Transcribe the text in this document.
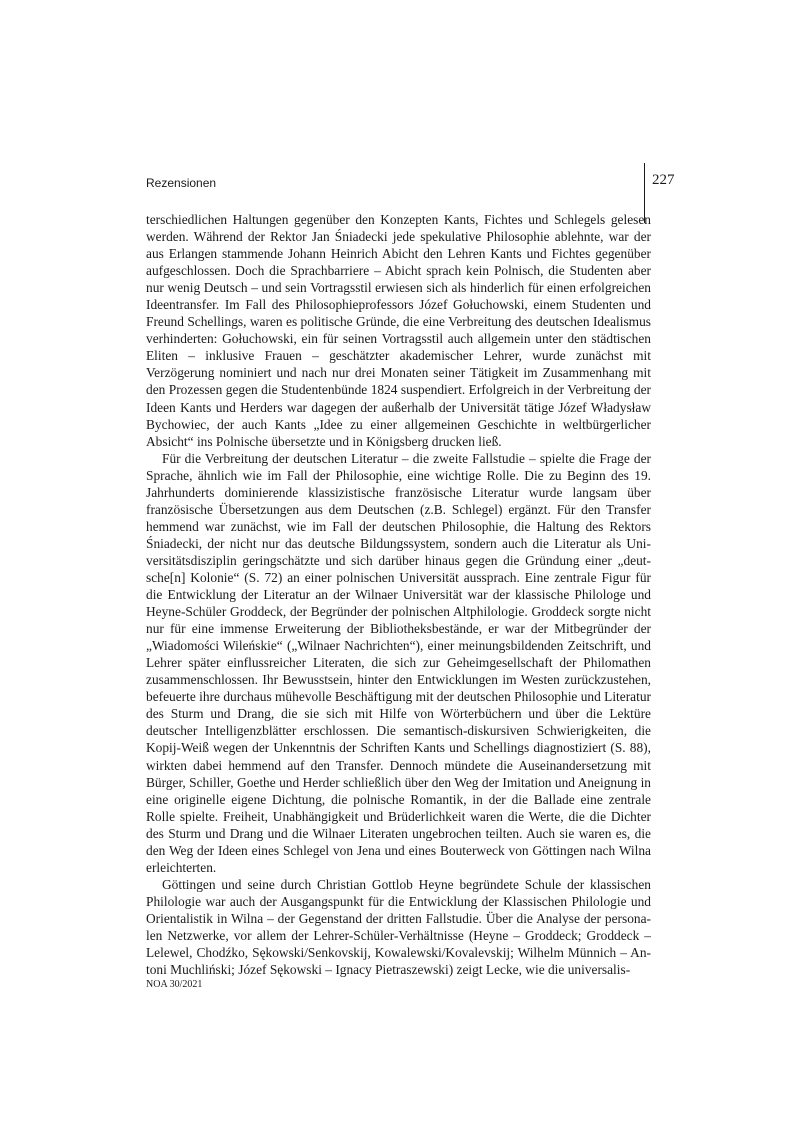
Rezensionen	227

terschiedlichen Haltungen gegenüber den Konzepten Kants, Fichtes und Schlegels gelesen werden. Während der Rektor Jan Śniadecki jede spekulative Philosophie ablehnte, war der aus Erlangen stammende Johann Heinrich Abicht den Lehren Kants und Fichtes gegenüber aufgeschlossen. Doch die Sprachbarriere – Abicht sprach kein Polnisch, die Studenten aber nur wenig Deutsch – und sein Vortragsstil erwiesen sich als hinderlich für einen erfolgreichen Ideentransfer. Im Fall des Philosophieprofessors Józef Gołuchowski, einem Studenten und Freund Schellings, waren es politische Gründe, die eine Verbreitung des deutschen Idealismus verhinderten: Gołuchowski, ein für seinen Vortragsstil auch allgemein unter den städtischen Eliten – inklusive Frauen – geschätzter akademischer Lehrer, wurde zunächst mit Verzögerung nominiert und nach nur drei Monaten seiner Tätigkeit im Zusammenhang mit den Prozessen gegen die Studentenbünde 1824 suspendiert. Erfolgreich in der Verbreitung der Ideen Kants und Herders war dagegen der außerhalb der Universität tätige Józef Władysław Bychowiec, der auch Kants „Idee zu einer allgemeinen Geschichte in weltbürgerlicher Absicht“ ins Polnische übersetzte und in Königsberg drucken ließ.

Für die Verbreitung der deutschen Literatur – die zweite Fallstudie – spielte die Frage der Sprache, ähnlich wie im Fall der Philosophie, eine wichtige Rolle. Die zu Beginn des 19. Jahrhunderts dominierende klassizistische französische Literatur wurde langsam über französische Übersetzungen aus dem Deutschen (z.B. Schlegel) ergänzt. Für den Transfer hemmend war zunächst, wie im Fall der deutschen Philosophie, die Haltung des Rektors Śniadecki, der nicht nur das deutsche Bildungssystem, sondern auch die Literatur als Universitätsdisziplin geringschätzte und sich darüber hinaus gegen die Gründung einer „deutsche[n] Kolonie“ (S. 72) an einer polnischen Universität aussprach. Eine zentrale Figur für die Entwicklung der Literatur an der Wilnaer Universität war der klassische Philologe und Heyne-Schüler Groddeck, der Begründer der polnischen Altphilologie. Groddeck sorgte nicht nur für eine immense Erweiterung der Bibliotheksbestände, er war der Mitbegründer der „Wiadomości Wileńskie“ („Wilnaer Nachrichten“), einer meinungsbildenden Zeitschrift, und Lehrer später einflussreicher Literaten, die sich zur Geheimgesellschaft der Philomathen zusammenschlossen. Ihr Bewusstsein, hinter den Entwicklungen im Westen zurückzustehen, befeuerte ihre durchaus mühevolle Beschäftigung mit der deutschen Philosophie und Literatur des Sturm und Drang, die sie sich mit Hilfe von Wörterbüchern und über die Lektüre deutscher Intelligenzblätter erschlossen. Die semantisch-diskursiven Schwierigkeiten, die Kopij-Weiß wegen der Unkenntnis der Schriften Kants und Schellings diagnostiziert (S. 88), wirkten dabei hemmend auf den Transfer. Dennoch mündete die Auseinandersetzung mit Bürger, Schiller, Goethe und Herder schließlich über den Weg der Imitation und Aneignung in eine originelle eigene Dichtung, die polnische Romantik, in der die Ballade eine zentrale Rolle spielte. Freiheit, Unabhängigkeit und Brüderlichkeit waren die Werte, die die Dichter des Sturm und Drang und die Wilnaer Literaten ungebrochen teilten. Auch sie waren es, die den Weg der Ideen eines Schlegel von Jena und eines Bouterweck von Göttingen nach Wilna erleichterten.

Göttingen und seine durch Christian Gottlob Heyne begründete Schule der klassischen Philologie war auch der Ausgangspunkt für die Entwicklung der Klassischen Philologie und Orientalistik in Wilna – der Gegenstand der dritten Fallstudie. Über die Analyse der personalen Netzwerke, vor allem der Lehrer-Schüler-Verhältnisse (Heyne – Groddeck; Groddeck – Lelewel, Chodźko, Sękowski/Senkovskij, Kowalewski/Kovalevskij; Wilhelm Münnich – Antoni Muchliński; Józef Sękowski – Ignacy Pietraszewski) zeigt Lecke, wie die universalis-

NOA 30/2021
